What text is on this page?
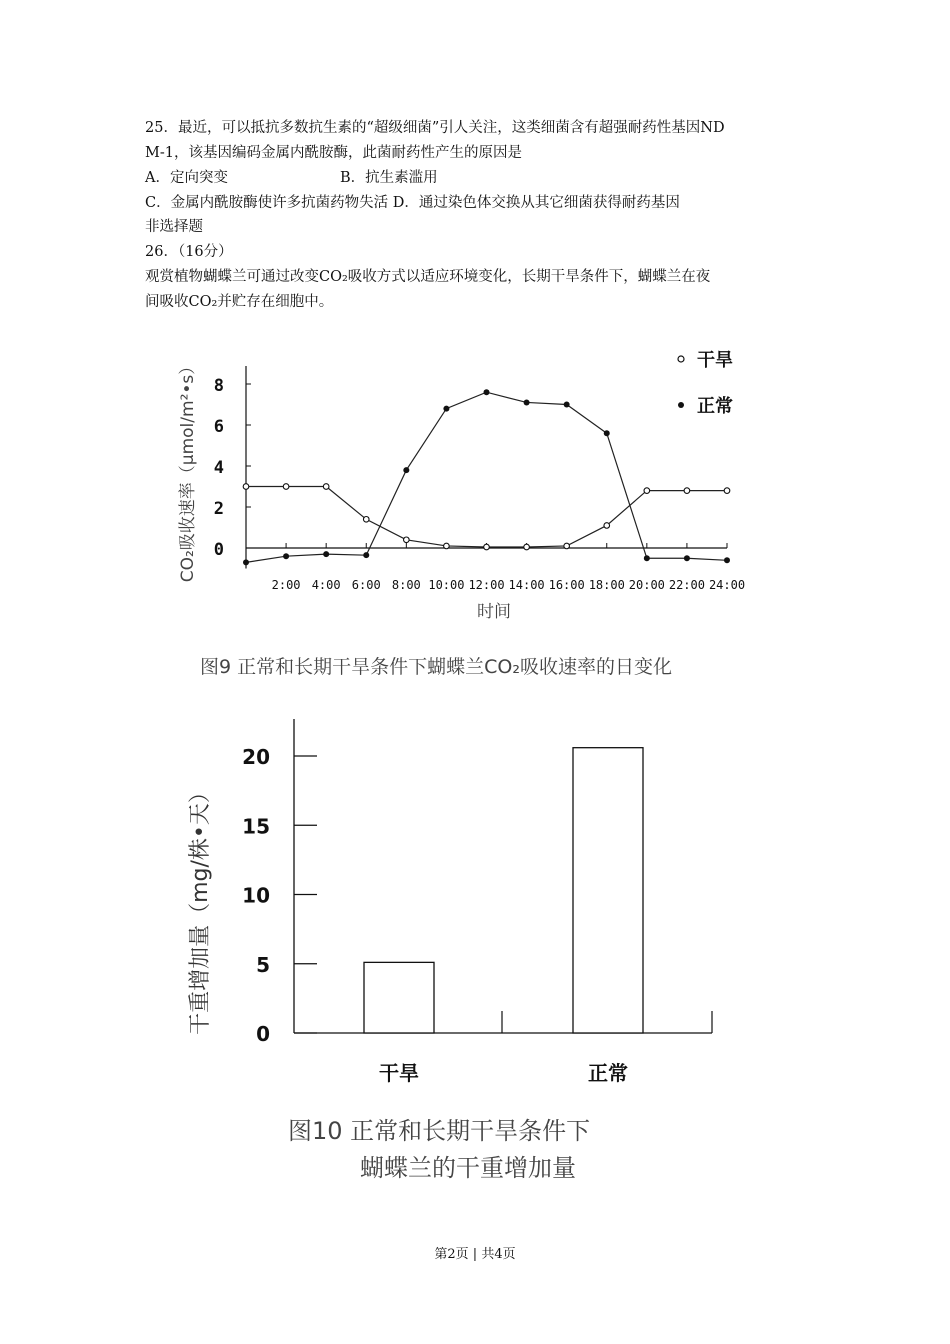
25．最近，可以抵抗多数抗生素的“超级细菌”引人关注，这类细菌含有超强耐药性基因ND
M-1，该基因编码金属内酰胺酶，此菌耐药性产生的原因是
A．定向突变	B．抗生素滥用
C．金属内酰胺酶使许多抗菌药物失活 D．通过染色体交换从其它细菌获得耐药基因
非选择题
26．（16分）
观赏植物蝴蝶兰可通过改变CO₂吸收方式以适应环境变化，长期干旱条件下，蝴蝶兰在夜
间吸收CO₂并贮存在细胞中。
0
2
4
6
8
2:00 4:00 6:00 8:00 10:00 12:00 14:00 16:00 18:00 20:00 22:00 24:00
CO₂吸收速率（μmol/m²•s）
时间
干旱
正常
图9 正常和长期干旱条件下蝴蝶兰CO₂吸收速率的日变化
0
5
10
15
20
干旱	正常
干重增加量（mg/株•天）
图10 正常和长期干旱条件下
蝴蝶兰的干重增加量
第2页 | 共4页
